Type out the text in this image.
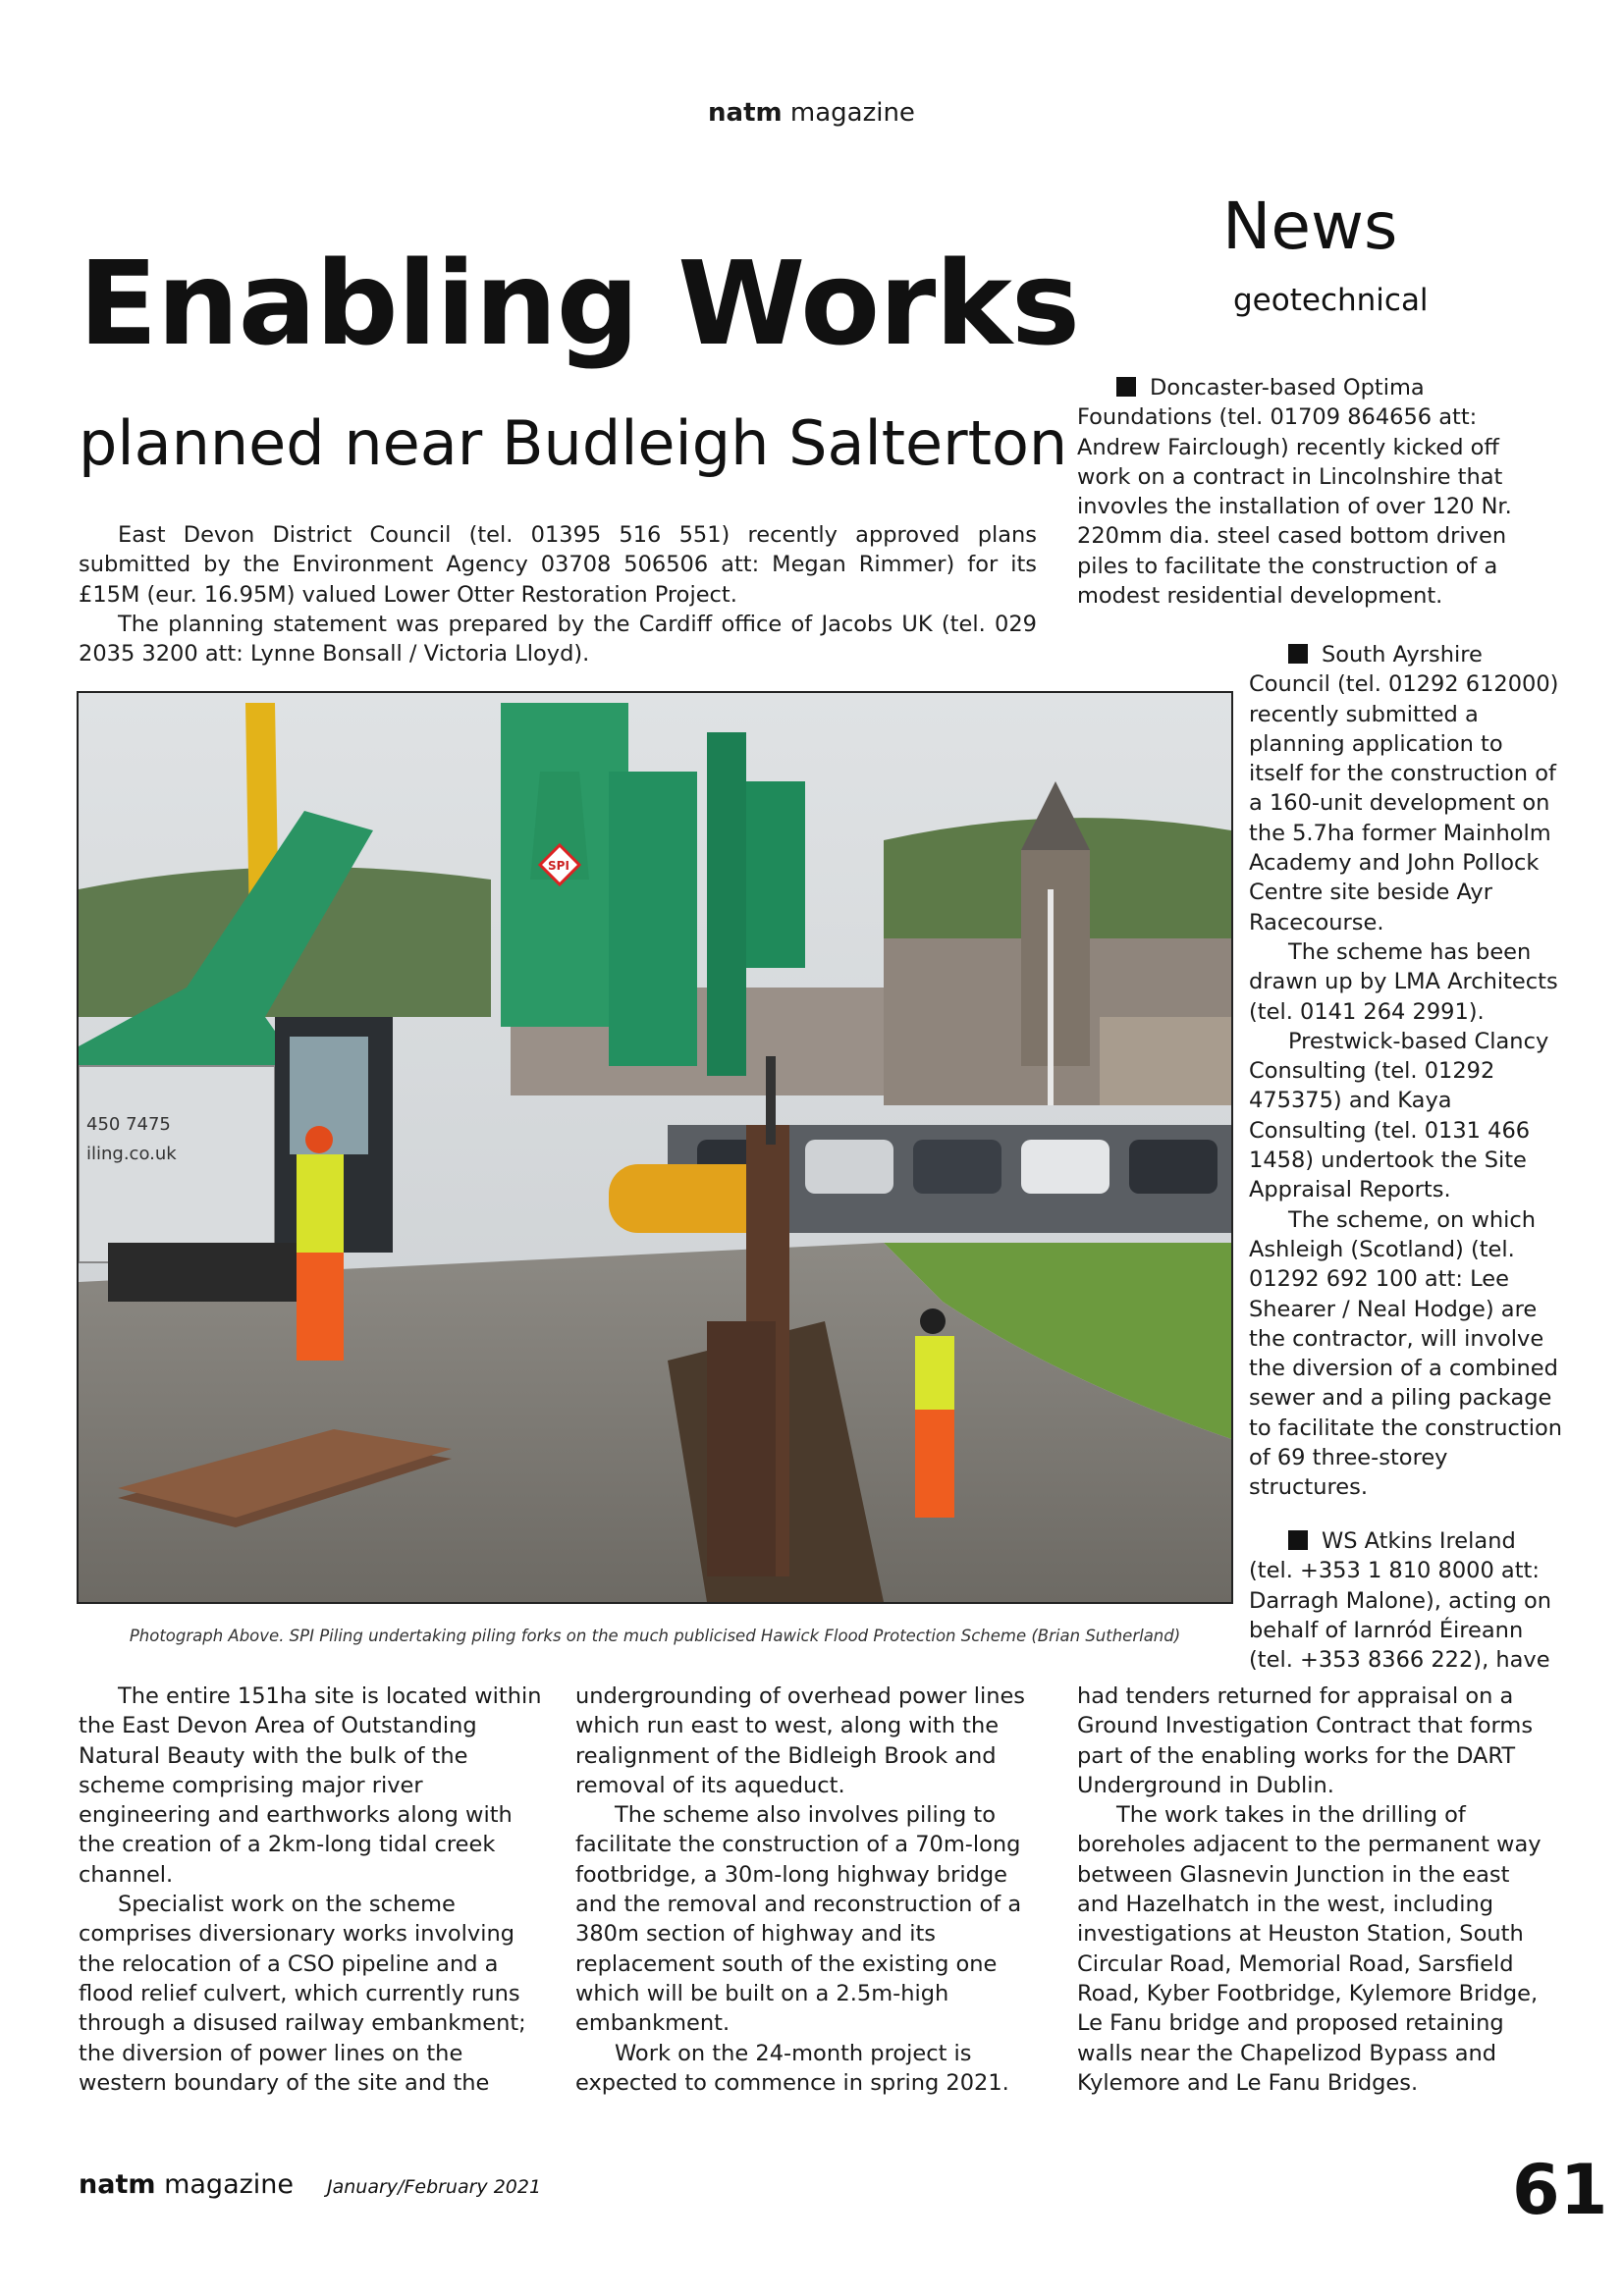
natm magazine
Enabling Works
planned near Budleigh Salterton
News
geotechnical

East Devon District Council (tel. 01395 516 551) recently approved plans submitted by the Environment Agency 03708 506506 att: Megan Rimmer) for its £15M (eur. 16.95M) valued Lower Otter Restoration Project.

The planning statement was prepared by the Cardiff office of Jacobs UK (tel. 029 2035 3200 att: Lynne Bonsall / Victoria Lloyd).

450 7475
iling.co.uk
SPI
Photograph Above. SPI Piling undertaking piling forks on the much publicised Hawick Flood Protection Scheme (Brian Sutherland)

Doncaster-based Optima Foundations (tel. 01709 864656 att: Andrew Fairclough) recently kicked off work on a contract in Lincolnshire that invovles the installation of over 120 Nr. 220mm dia. steel cased bottom driven piles to facilitate the construction of a modest residential development.

South Ayrshire Council (tel. 01292 612000) recently submitted a planning application to itself for the construction of a 160-unit development on the 5.7ha former Mainholm Academy and John Pollock Centre site beside Ayr Racecourse.

The scheme has been drawn up by LMA Architects (tel. 0141 264 2991).

Prestwick-based Clancy Consulting (tel. 01292 475375) and Kaya Consulting (tel. 0131 466 1458) undertook the Site Appraisal Reports.

The scheme, on which Ashleigh (Scotland) (tel. 01292 692 100 att: Lee Shearer / Neal Hodge) are the contractor, will involve the diversion of a combined sewer and a piling package to facilitate the construction of 69 three-storey structures.

WS Atkins Ireland (tel. +353 1 810 8000 att: Darragh Malone), acting on behalf of Iarnród Éireann (tel. +353 8366 222), have

The entire 151ha site is located within the East Devon Area of Outstanding Natural Beauty with the bulk of the scheme comprising major river engineering and earthworks along with the creation of a 2km-long tidal creek channel.

Specialist work on the scheme comprises diversionary works involving the relocation of a CSO pipeline and a flood relief culvert, which currently runs through a disused railway embankment; the diversion of power lines on the western boundary of the site and the

undergrounding of overhead power lines which run east to west, along with the realignment of the Bidleigh Brook and removal of its aqueduct.

The scheme also involves piling to facilitate the construction of a 70m-long footbridge, a 30m-long highway bridge and the removal and reconstruction of a 380m section of highway and its replacement south of the existing one which will be built on a 2.5m-high embankment.

Work on the 24-month project is expected to commence in spring 2021.

had tenders returned for appraisal on a Ground Investigation Contract that forms part of the enabling works for the DART Underground in Dublin.

The work takes in the drilling of boreholes adjacent to the permanent way between Glasnevin Junction in the east and Hazelhatch in the west, including investigations at Heuston Station, South Circular Road, Memorial Road, Sarsfield Road, Kyber Footbridge, Kylemore Bridge, Le Fanu bridge and proposed retaining walls near the Chapelizod Bypass and Kylemore and Le Fanu Bridges.

natm magazine January/February 2021	61
